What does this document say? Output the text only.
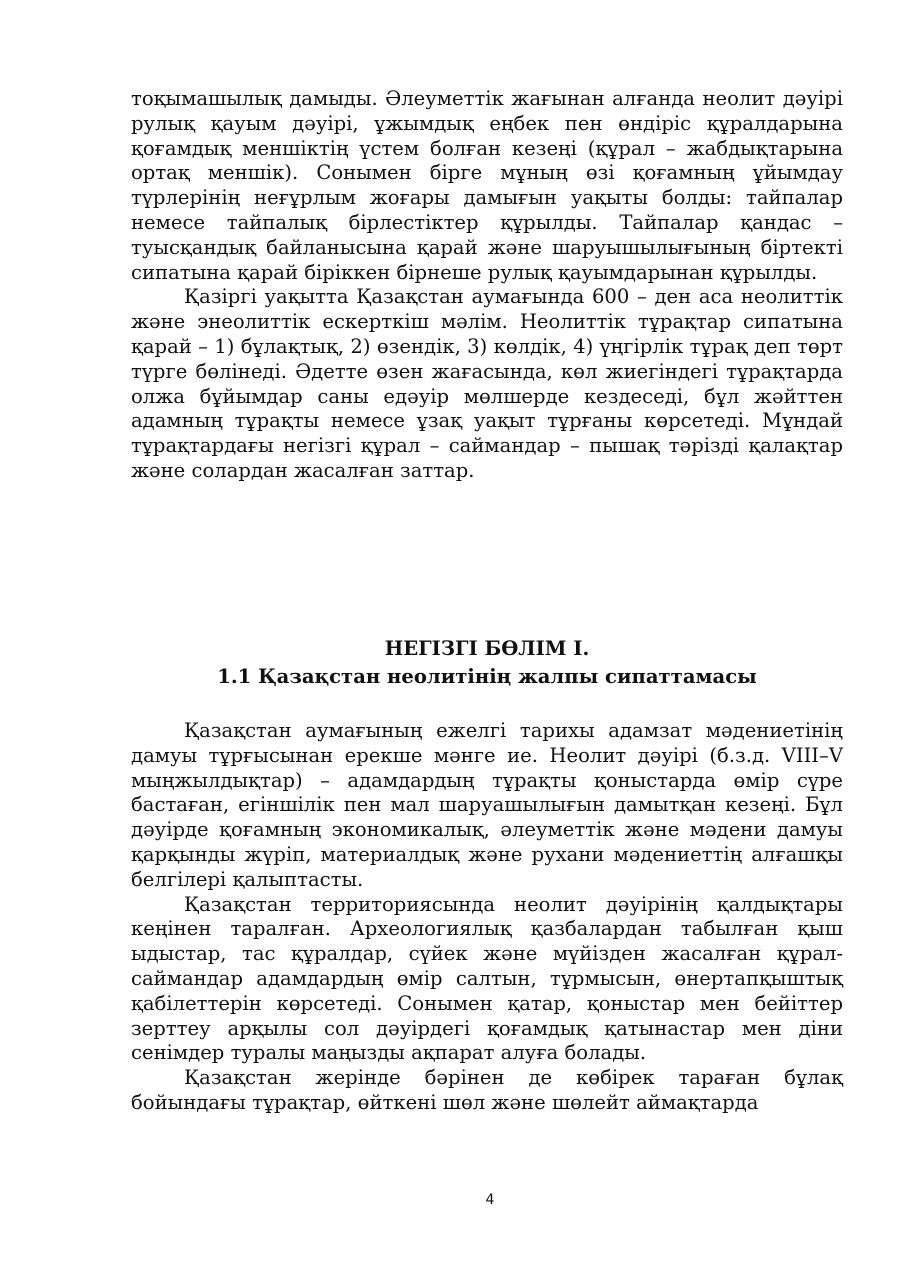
тоқымашылық дамыды. Әлеуметтік жағынан алғанда неолит дәуірі рулық қауым дәуірі, ұжымдық еңбек пен өндіріс құралдарына қоғамдық меншіктің үстем болған кезеңі (құрал – жабдықтарына ортақ меншік). Сонымен бірге мұның өзі қоғамның ұйымдау түрлерінің неғұрлым жоғары дамығын уақыты болды: тайпалар немесе тайпалық бірлестіктер құрылды. Тайпалар қандас – туысқандық байланысына қарай және шаруышылығының біртекті сипатына қарай біріккен бірнеше рулық қауымдарынан құрылды.

Қазіргі уақытта Қазақстан аумағында 600 – ден аса неолиттік және энеолиттік ескерткіш мәлім. Неолиттік тұрақтар сипатына қарай – 1) бұлақтық, 2) өзендік, 3) көлдік, 4) үңгірлік тұрақ деп төрт түрге бөлінеді. Әдетте өзен жағасында, көл жиегіндегі тұрақтарда олжа бұйымдар саны едәуір мөлшерде кездеседі, бұл жәйттен адамның тұрақты немесе ұзақ уақыт тұрғаны көрсетеді. Мұндай тұрақтардағы негізгі құрал – саймандар – пышақ тәрізді қалақтар және солардан жасалған заттар.

НЕГІЗГІ БӨЛІМ І.
1.1 Қазақстан неолитінің жалпы сипаттамасы

Қазақстан аумағының ежелгі тарихы адамзат мәдениетінің дамуы тұрғысынан ерекше мәнге ие. Неолит дәуірі (б.з.д. VIII–V мыңжылдықтар) – адамдардың тұрақты қоныстарда өмір сүре бастаған, егіншілік пен мал шаруашылығын дамытқан кезеңі. Бұл дәуірде қоғамның экономикалық, әлеуметтік және мәдени дамуы қарқынды жүріп, материалдық және рухани мәдениеттің алғашқы белгілері қалыптасты.

Қазақстан территориясында неолит дәуірінің қалдықтары кеңінен таралған. Археологиялық қазбалардан табылған қыш ыдыстар, тас құралдар, сүйек және мүйізден жасалған құрал-саймандар адамдардың өмір салтын, тұрмысын, өнертапқыштық қабілеттерін көрсетеді. Сонымен қатар, қоныстар мен бейіттер зерттеу арқылы сол дәуірдегі қоғамдық қатынастар мен діни сенімдер туралы маңызды ақпарат алуға болады.

Қазақстан жерінде бәрінен де көбірек тараған бұлақ бойындағы тұрақтар, өйткені шөл және шөлейт аймақтарда

4
